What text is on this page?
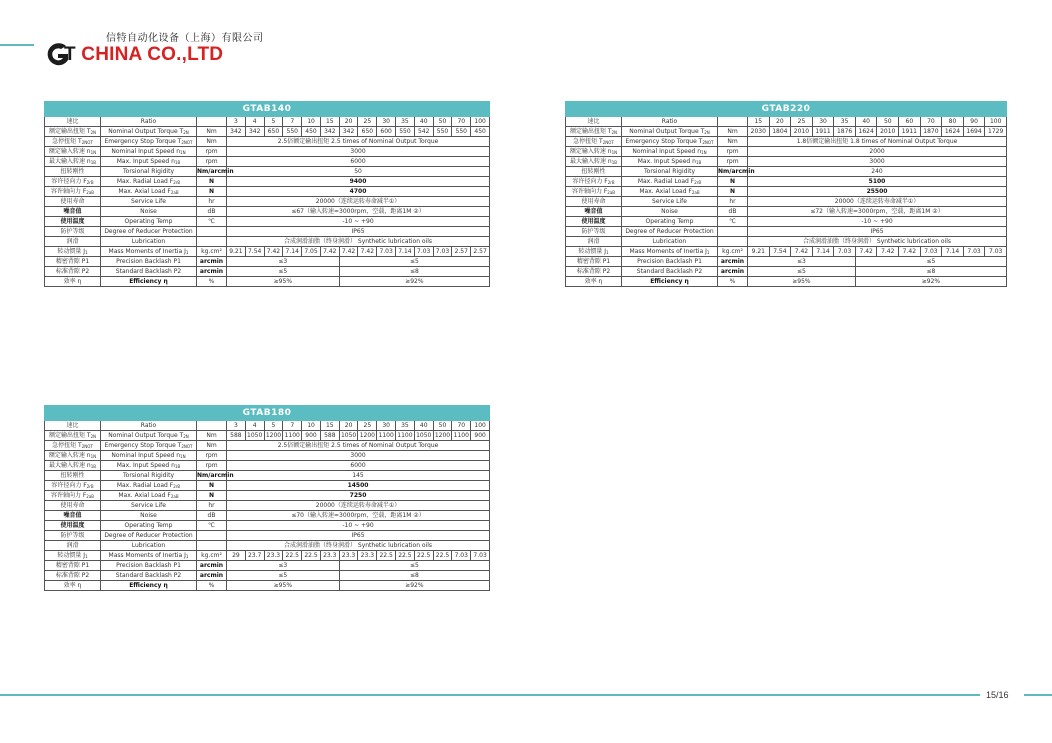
信特自动化设备（上海）有限公司
T CHINA CO.,LTD
GTAB140																
速比	Ratio		3	4	5	7	10	15	20	25	30	35	40	50	70	100
额定输出扭矩 $T_{2N}$	Nominal Output Torque $T_{2N}$	Nm	342	342	650	550	450	342	342	650	600	550	542	550	550	450
急停扭矩 $T_{2NOT}$	Emergency Stop Torque $T_{2NOT}$	Nm	2.5倍额定输出扭矩 2.5 times of Nominal Output Torque													
额定输入转速 $n_{1N}$	Nominal Input Speed $n_{1N}$	rpm	3000													
最大输入转速 $n_{1B}$	Max. Input Speed $n_{1B}$	rpm	6000													
扭转刚性	Torsional Rigidity	Nm/arcmin	50													
容许径向力 $F_{2rB}$	Max. Radial Load $F_{2rB}$	N	9400													
容许轴向力 $F_{2aB}$	Max. Axial Load $F_{2aB}$	N	4700													
使用寿命	Service Life	hr	20000（连续运转寿命减半①）													
噪音值	Noise	dB	≤67（输入转速=3000rpm，空载，距离1M ②）													
使用温度	Operating Temp	℃	-10 ~ +90													
防护等级	Degree of Reducer Protection		IP65													
润滑	Lubrication		合成润滑油脂（终身润滑） Synthetic lubrication oils													
转动惯量 $J_1$	Mass Moments of Inertia $J_1$	kg.cm²	9.21	7.54	7.42	7.14	7.05	7.42	7.42	7.42	7.03	7.14	7.03	7.03	2.57	2.57
精密背隙 P1	Precision Backlash P1	arcmin	≤3						≤5							
标准背隙 P2	Standard Backlash P2	arcmin	≤5						≤8							
效率 η	Efficiency η	%	≥95%						≥92%							
GTAB220														
速比	Ratio		15	20	25	30	35	40	50	60	70	80	90	100
额定输出扭矩 $T_{2N}$	Nominal Output Torque $T_{2N}$	Nm	2030	1804	2010	1911	1876	1624	2010	1911	1870	1624	1694	1729
急停扭矩 $T_{2NOT}$	Emergency Stop Torque $T_{2NOT}$	Nm	1.8倍额定输出扭矩 1.8 times of Nominal Output Torque											
额定输入转速 $n_{1N}$	Nominal Input Speed $n_{1N}$	rpm	2000											
最大输入转速 $n_{1B}$	Max. Input Speed $n_{1B}$	rpm	3000											
扭转刚性	Torsional Rigidity	Nm/arcmin	240											
容许径向力 $F_{2rB}$	Max. Radial Load $F_{2rB}$	N	5100											
容许轴向力 $F_{2aB}$	Max. Axial Load $F_{2aB}$	N	25500											
使用寿命	Service Life	hr	20000（连续运转寿命减半①）											
噪音值	Noise	dB	≤72（输入转速=3000rpm，空载，距离1M ②）											
使用温度	Operating Temp	℃	-10 ~ +90											
防护等级	Degree of Reducer Protection		IP65											
润滑	Lubrication		合成润滑油脂（终身润滑） Synthetic lubrication oils											
转动惯量 $J_1$	Mass Moments of Inertia $J_1$	kg.cm²	9.21	7.54	7.42	7.14	7.03	7.42	7.42	7.42	7.03	7.14	7.03	7.03
精密背隙 P1	Precision Backlash P1	arcmin	≤3					≤5						
标准背隙 P2	Standard Backlash P2	arcmin	≤5					≤8						
效率 η	Efficiency η	%	≥95%					≥92%						
GTAB180																
速比	Ratio		3	4	5	7	10	15	20	25	30	35	40	50	70	100
额定输出扭矩 $T_{2N}$	Nominal Output Torque $T_{2N}$	Nm	588	1050	1200	1100	900	588	1050	1200	1100	1100	1050	1200	1100	900
急停扭矩 $T_{2NOT}$	Emergency Stop Torque $T_{2NOT}$	Nm	2.5倍额定输出扭矩 2.5 times of Nominal Output Torque													
额定输入转速 $n_{1N}$	Nominal Input Speed $n_{1N}$	rpm	3000													
最大输入转速 $n_{1B}$	Max. Input Speed $n_{1B}$	rpm	6000													
扭转刚性	Torsional Rigidity	Nm/arcmin	145													
容许径向力 $F_{2rB}$	Max. Radial Load $F_{2rB}$	N	14500													
容许轴向力 $F_{2aB}$	Max. Axial Load $F_{2aB}$	N	7250													
使用寿命	Service Life	hr	20000（连续运转寿命减半①）													
噪音值	Noise	dB	≤70（输入转速=3000rpm，空载，距离1M ②）													
使用温度	Operating Temp	℃	-10 ~ +90													
防护等级	Degree of Reducer Protection		IP65													
润滑	Lubrication		合成润滑油脂（终身润滑） Synthetic lubrication oils													
转动惯量 $J_1$	Mass Moments of Inertia $J_1$	kg.cm²	29	23.7	23.3	22.5	22.5	23.3	23.3	23.3	22.5	22.5	22.5	22.5	7.03	7.03
精密背隙 P1	Precision Backlash P1	arcmin	≤3						≤5							
标准背隙 P2	Standard Backlash P2	arcmin	≤5						≤8							
效率 η	Efficiency η	%	≥95%						≥92%							
15/16
